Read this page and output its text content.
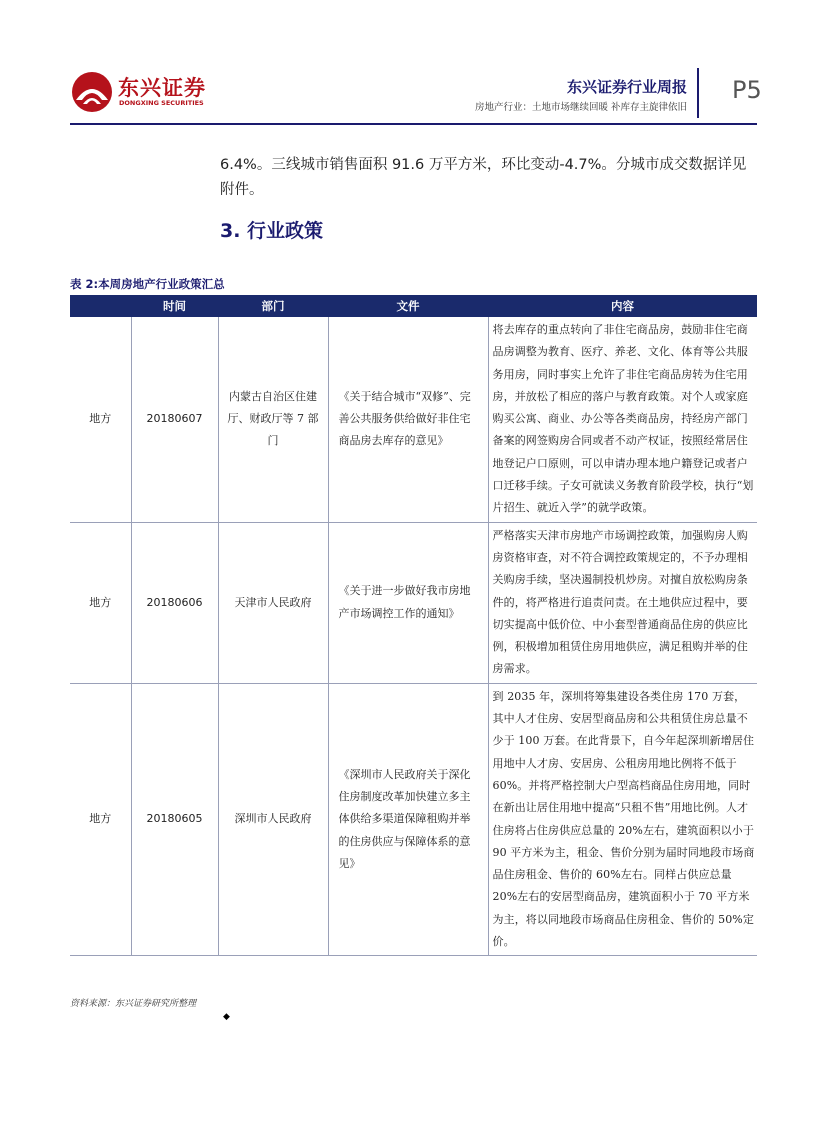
东兴证券
DONGXING SECURITIES
东兴证券行业周报
房地产行业：土地市场继续回暖 补库存主旋律依旧
P5
6.4%。三线城市销售面积 91.6 万平方米，环比变动-4.7%。分城市成交数据详见附件。
3. 行业政策
表 2:本周房地产行业政策汇总
	时间	部门	文件	内容
地方	20180607	内蒙古自治区住建厅、财政厅等 7 部门	《关于结合城市“双修”、完善公共服务供给做好非住宅商品房去库存的意见》	将去库存的重点转向了非住宅商品房，鼓励非住宅商品房调整为教育、医疗、养老、文化、体育等公共服务用房，同时事实上允许了非住宅商品房转为住宅用房，并放松了相应的落户与教育政策。对个人或家庭购买公寓、商业、办公等各类商品房，持经房产部门备案的网签购房合同或者不动产权证，按照经常居住地登记户口原则，可以申请办理本地户籍登记或者户口迁移手续。子女可就读义务教育阶段学校，执行“划片招生、就近入学”的就学政策。
地方	20180606	天津市人民政府	《关于进一步做好我市房地产市场调控工作的通知》	严格落实天津市房地产市场调控政策，加强购房人购房资格审查，对不符合调控政策规定的，不予办理相关购房手续，坚决遏制投机炒房。对擅自放松购房条件的，将严格进行追责问责。在土地供应过程中，要切实提高中低价位、中小套型普通商品住房的供应比例，积极增加租赁住房用地供应，满足租购并举的住房需求。
地方	20180605	深圳市人民政府	《深圳市人民政府关于深化住房制度改革加快建立多主体供给多渠道保障租购并举的住房供应与保障体系的意见》	到 2035 年，深圳将筹集建设各类住房 170 万套，其中人才住房、安居型商品房和公共租赁住房总量不少于 100 万套。在此背景下，自今年起深圳新增居住用地中人才房、安居房、公租房用地比例将不低于 60%。并将严格控制大户型高档商品住房用地，同时在新出让居住用地中提高“只租不售”用地比例。人才住房将占住房供应总量的 20%左右，建筑面积以小于 90 平方米为主，租金、售价分别为届时同地段市场商品住房租金、售价的 60%左右。同样占供应总量 20%左右的安居型商品房，建筑面积小于 70 平方米为主，将以同地段市场商品住房租金、售价的 50%定价。
资料来源：东兴证券研究所整理
◆
